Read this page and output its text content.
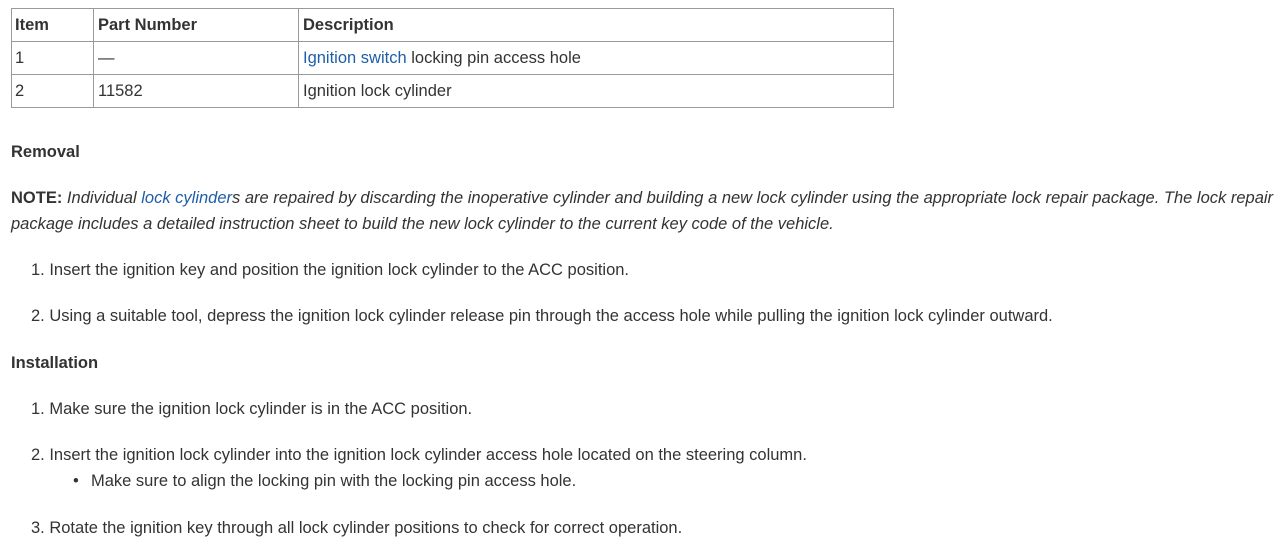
Item	Part Number	Description
1	—	Ignition switch locking pin access hole
2	11582	Ignition lock cylinder
Removal
NOTE: Individual lock cylinders are repaired by discarding the inoperative cylinder and building a new lock cylinder using the appropriate lock repair package. The lock repair package includes a detailed instruction sheet to build the new lock cylinder to the current key code of the vehicle.
1. Insert the ignition key and position the ignition lock cylinder to the ACC position.
2. Using a suitable tool, depress the ignition lock cylinder release pin through the access hole while pulling the ignition lock cylinder outward.
Installation
1. Make sure the ignition lock cylinder is in the ACC position.
2. Insert the ignition lock cylinder into the ignition lock cylinder access hole located on the steering column.
• Make sure to align the locking pin with the locking pin access hole.
3. Rotate the ignition key through all lock cylinder positions to check for correct operation.
